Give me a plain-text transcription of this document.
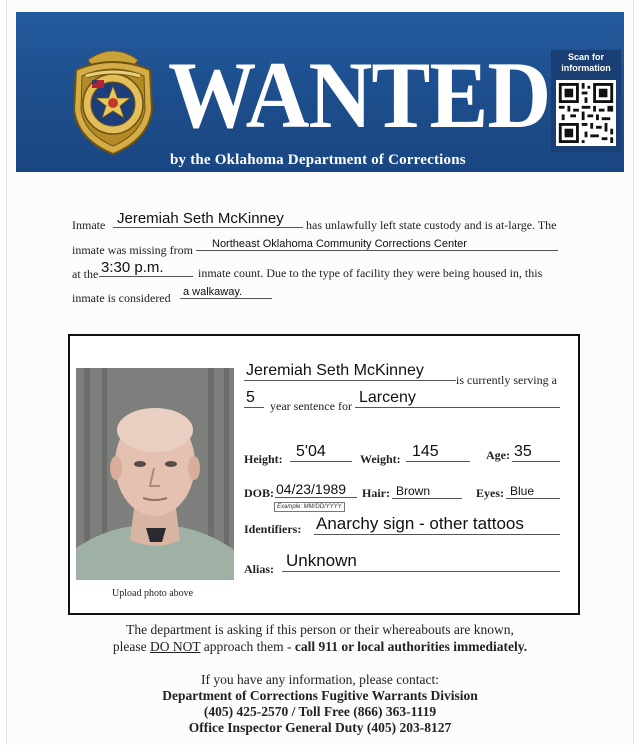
WANTED
by the Oklahoma Department of Corrections
Scan for
information
Inmate Jeremiah Seth McKinney	has unlawfully left state custody and is at-large. The
inmate was missing from	Northeast Oklahoma Community Corrections Center
at the 3:30 p.m.	inmate count. Due to the type of facility they were being housed in, this
inmate is considered a walkaway.
Upload photo above
Jeremiah Seth McKinney
is currently serving a
5	year sentence for Larceny
Height: 5'04	Weight: 145	Age: 35
DOB: 04/23/1989
Example: MM/DD/YYYY
Hair: Brown	Eyes: Blue
Identifiers: Anarchy sign - other tattoos
Alias: Unknown
The department is asking if this person or their whereabouts are known,
please DO NOT approach them - call 911 or local authorities immediately.
If you have any information, please contact:
Department of Corrections Fugitive Warrants Division
(405) 425-2570 / Toll Free (866) 363-1119
Office Inspector General Duty (405) 203-8127
